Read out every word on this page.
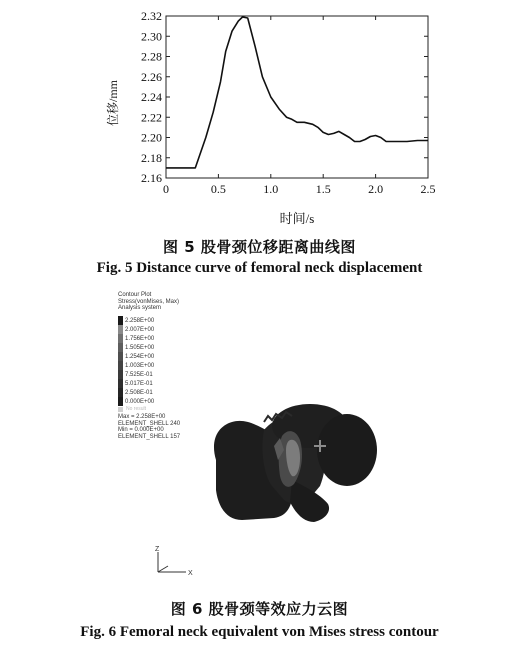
0	0.5	1.0	1.5	2.0	2.5
2.16
2.18
2.20
2.22
2.24
2.26
2.28
2.30
2.32
时间/s
位移/mm
图 5 股骨颈位移距离曲线图
Fig. 5 Distance curve of femoral neck displacement
Contour Plot
Stress(vonMises, Max)
Analysis system
2.258E+00
2.007E+00
1.756E+00
1.505E+00
1.254E+00
1.003E+00
7.525E-01
5.017E-01
2.508E-01
0.000E+00
No result
Max = 2.258E+00
ELEMENT_SHELL 240
Min = 0.000E+00
ELEMENT_SHELL 157
Z
X
图 6 股骨颈等效应力云图
Fig. 6 Femoral neck equivalent von Mises stress contour
